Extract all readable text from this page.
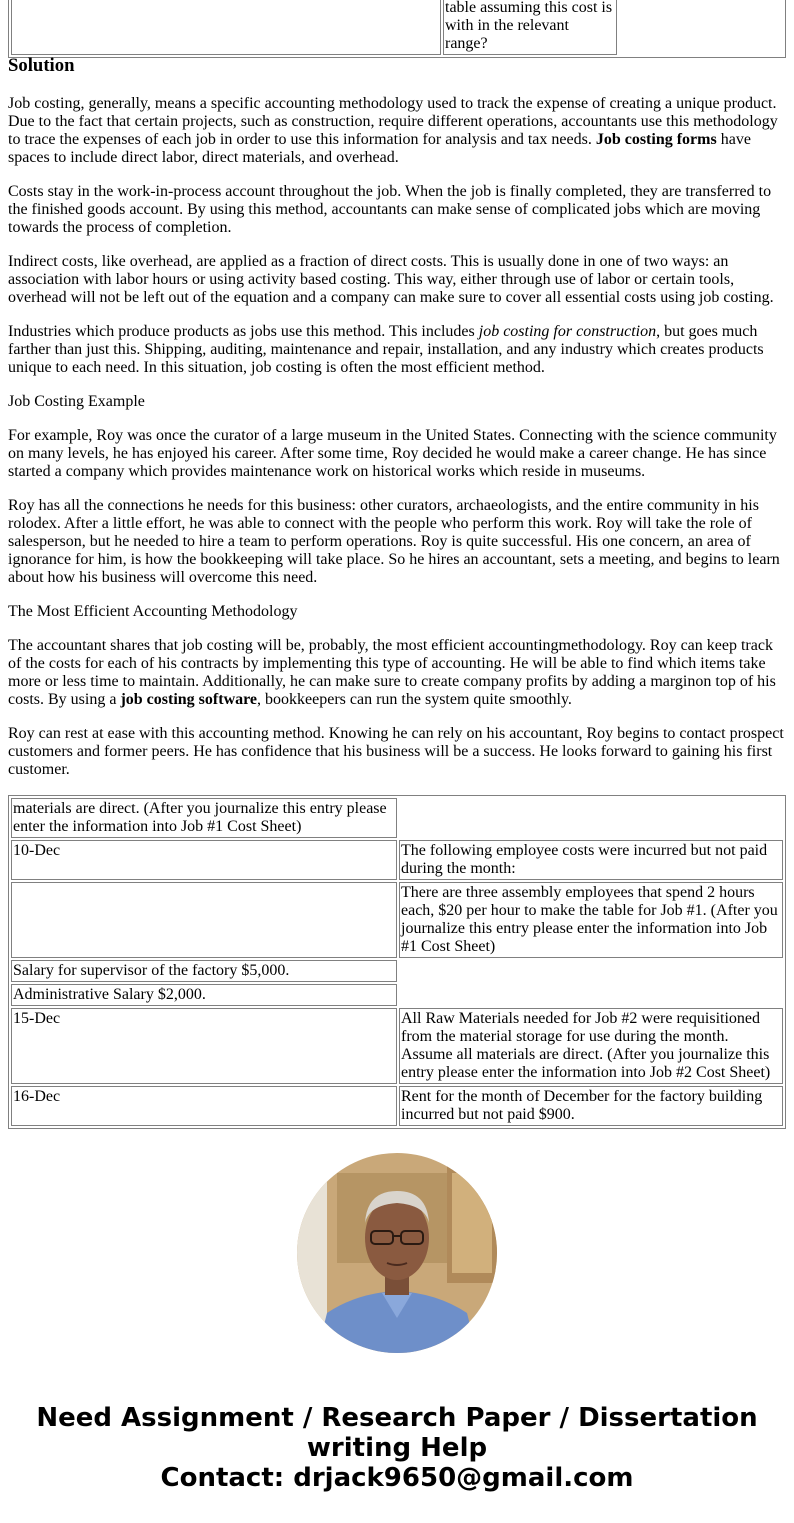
	table assuming this cost is with in the relevant range?	
Solution

Job costing, generally, means a specific accounting methodology used to track the expense of creating a unique product. Due to the fact that certain projects, such as construction, require different operations, accountants use this methodology to trace the expenses of each job in order to use this information for analysis and tax needs. Job costing forms have spaces to include direct labor, direct materials, and overhead.

Costs stay in the work-in-process account throughout the job. When the job is finally completed, they are transferred to the finished goods account. By using this method, accountants can make sense of complicated jobs which are moving towards the process of completion.

Indirect costs, like overhead, are applied as a fraction of direct costs. This is usually done in one of two ways: an association with labor hours or using activity based costing. This way, either through use of labor or certain tools, overhead will not be left out of the equation and a company can make sure to cover all essential costs using job costing.

Industries which produce products as jobs use this method. This includes job costing for construction, but goes much farther than just this. Shipping, auditing, maintenance and repair, installation, and any industry which creates products unique to each need. In this situation, job costing is often the most efficient method.

Job Costing Example

For example, Roy was once the curator of a large museum in the United States. Connecting with the science community on many levels, he has enjoyed his career. After some time, Roy decided he would make a career change. He has since started a company which provides maintenance work on historical works which reside in museums.

Roy has all the connections he needs for this business: other curators, archaeologists, and the entire community in his rolodex. After a little effort, he was able to connect with the people who perform this work. Roy will take the role of salesperson, but he needed to hire a team to perform operations. Roy is quite successful. His one concern, an area of ignorance for him, is how the bookkeeping will take place. So he hires an accountant, sets a meeting, and begins to learn about how his business will overcome this need.

The Most Efficient Accounting Methodology

The accountant shares that job costing will be, probably, the most efficient accountingmethodology. Roy can keep track of the costs for each of his contracts by implementing this type of accounting. He will be able to find which items take more or less time to maintain. Additionally, he can make sure to create company profits by adding a marginon top of his costs. By using a job costing software, bookkeepers can run the system quite smoothly.

Roy can rest at ease with this accounting method. Knowing he can rely on his accountant, Roy begins to contact prospect customers and former peers. He has confidence that his business will be a success. He looks forward to gaining his first customer.

materials are direct. (After you journalize this entry please enter the information into Job #1 Cost Sheet)	
10-Dec	The following employee costs were incurred but not paid during the month:
	There are three assembly employees that spend 2 hours each, $20 per hour to make the table for Job #1. (After you journalize this entry please enter the information into Job #1 Cost Sheet)
Salary for supervisor of the factory $5,000.	
Administrative Salary $2,000.	
15-Dec	All Raw Materials needed for Job #2 were requisitioned from the material storage for use during the month. Assume all materials are direct. (After you journalize this entry please enter the information into Job #2 Cost Sheet)
16-Dec	Rent for the month of December for the factory building incurred but not paid $900.
Need Assignment / Research Paper / Dissertation writing Help
Contact: drjack9650@gmail.com
